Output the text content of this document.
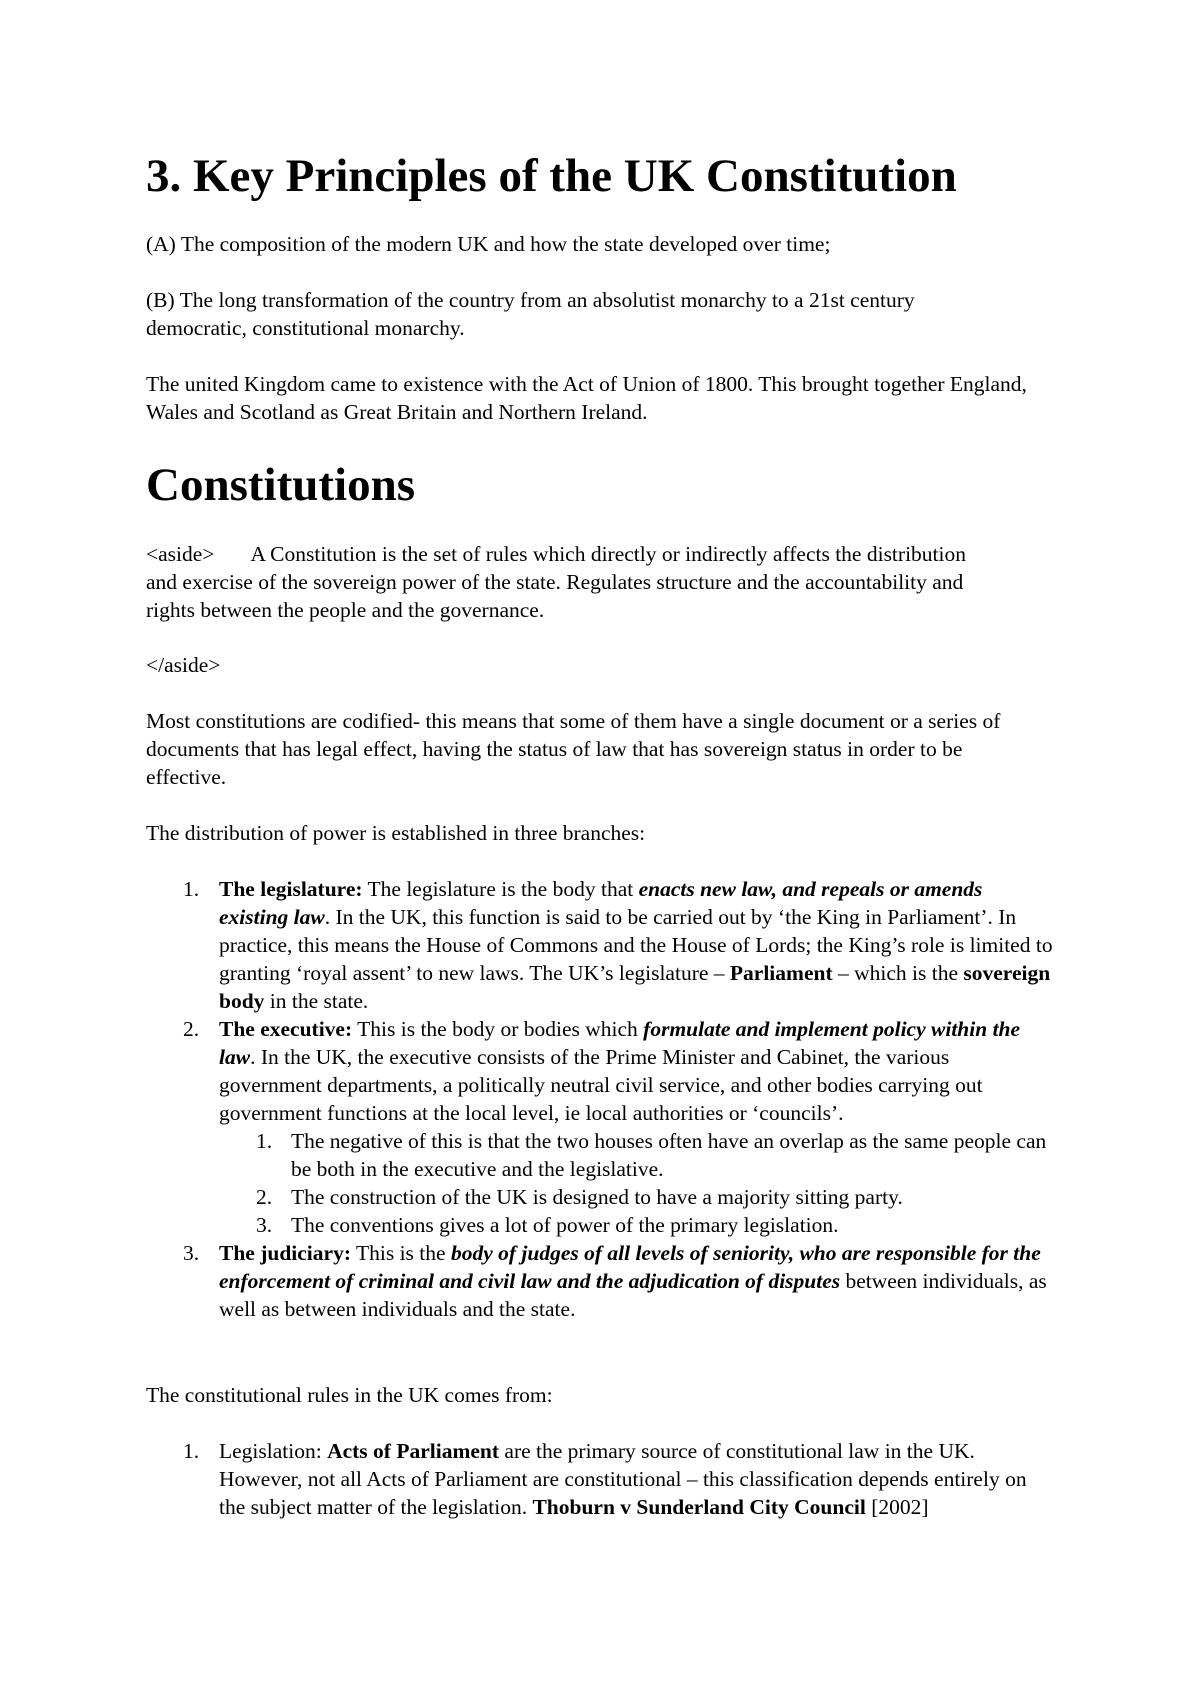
3. Key Principles of the UK Constitution

(A) The composition of the modern UK and how the state developed over time;

(B) The long transformation of the country from an absolutist monarchy to a 21st century
democratic, constitutional monarchy.

The united Kingdom came to existence with the Act of Union of 1800. This brought together England, Wales and Scotland as Great Britain and Northern Ireland.

Constitutions

<aside> A Constitution is the set of rules which directly or indirectly affects the distribution and exercise of the sovereign power of the state. Regulates structure and the accountability and rights between the people and the governance.

</aside>

Most constitutions are codified- this means that some of them have a single document or a series of documents that has legal effect, having the status of law that has sovereign status in order to be effective.

The distribution of power is established in three branches:

1. The legislature: The legislature is the body that enacts new law, and repeals or amends existing law. In the UK, this function is said to be carried out by ‘the King in Parliament’. In practice, this means the House of Commons and the House of Lords; the King’s role is limited to granting ‘royal assent’ to new laws. The UK’s legislature – Parliament – which is the sovereign body in the state.
2. The executive: This is the body or bodies which formulate and implement policy within the law. In the UK, the executive consists of the Prime Minister and Cabinet, the various government departments, a politically neutral civil service, and other bodies carrying out government functions at the local level, ie local authorities or ‘councils’.
1. The negative of this is that the two houses often have an overlap as the same people can be both in the executive and the legislative.
2. The construction of the UK is designed to have a majority sitting party.
3. The conventions gives a lot of power of the primary legislation.
3. The judiciary: This is the body of judges of all levels of seniority, who are responsible for the enforcement of criminal and civil law and the adjudication of disputes between individuals, as well as between individuals and the state.

The constitutional rules in the UK comes from:

1. Legislation: Acts of Parliament are the primary source of constitutional law in the UK. However, not all Acts of Parliament are constitutional – this classification depends entirely on the subject matter of the legislation. Thoburn v Sunderland City Council [2002]
